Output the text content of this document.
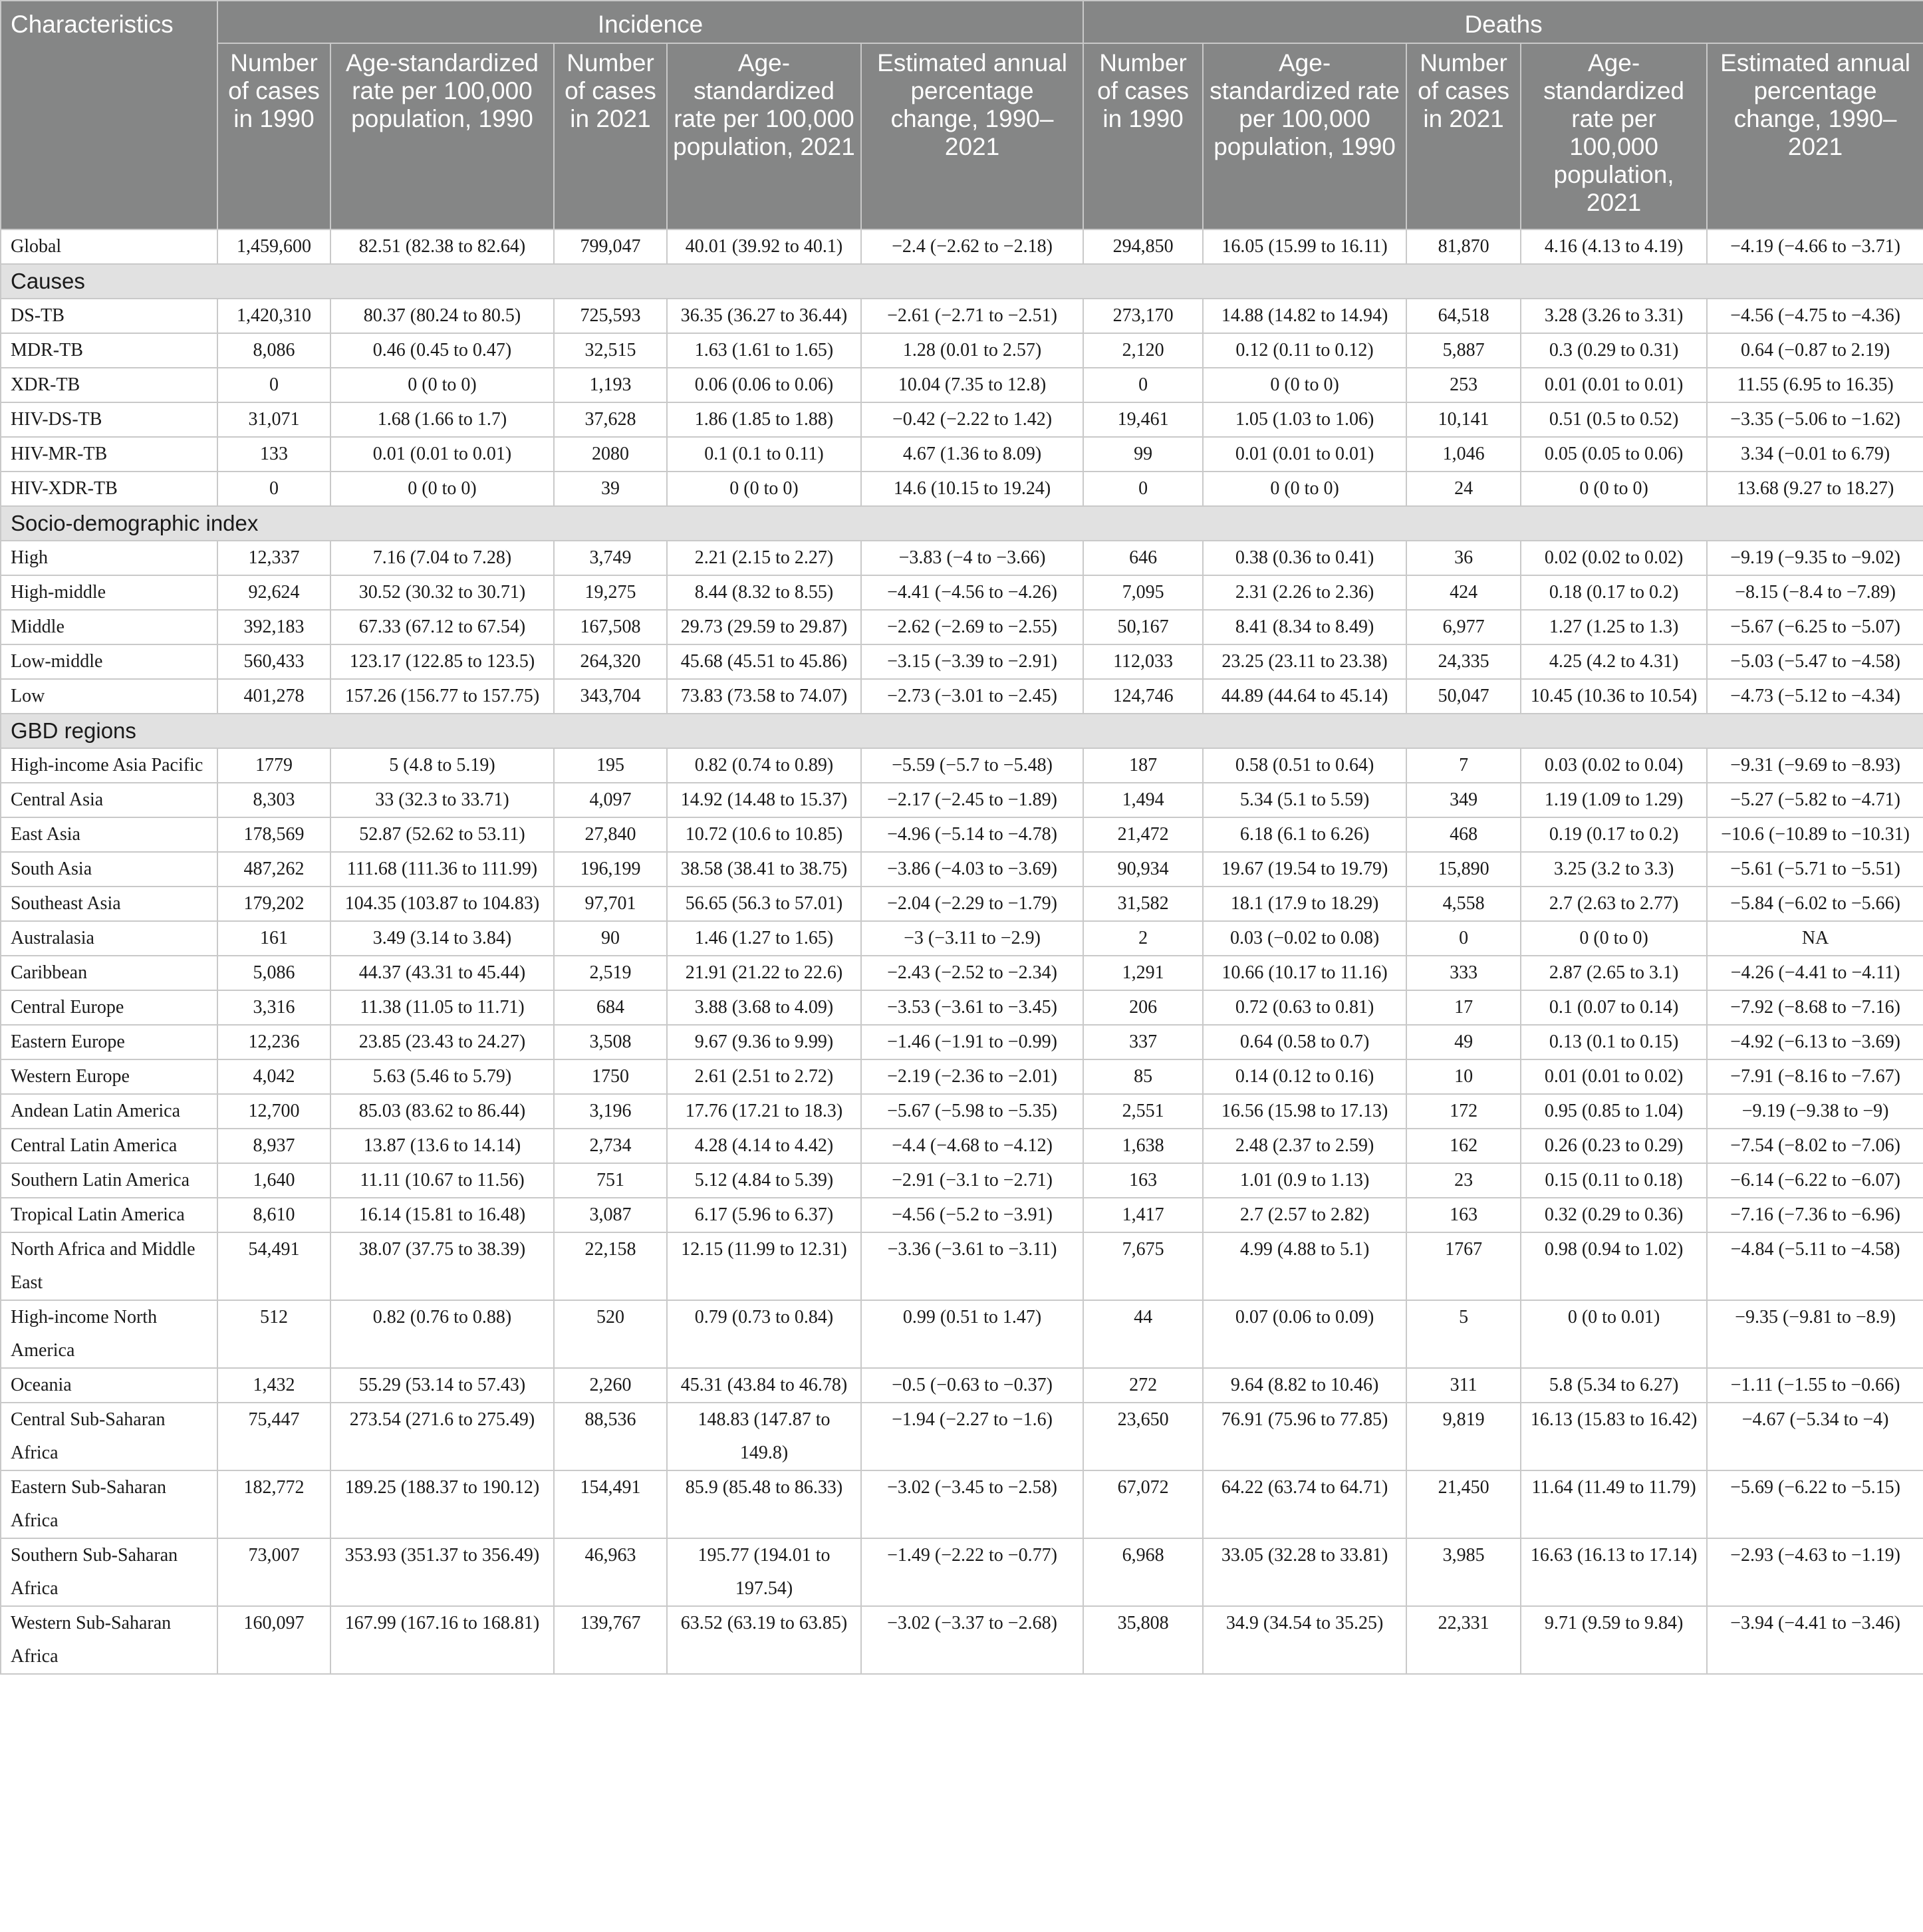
Characteristics	Incidence					Deaths				
	Number of cases in 1990	Age-standardized rate per 100,000 population, 1990	Number of cases in 2021	Age-standardized rate per 100,000 population, 2021	Estimated annual percentage change, 1990–2021	Number of cases in 1990	Age-standardized rate per 100,000 population, 1990	Number of cases in 2021	Age-standardized rate per 100,000 population, 2021	Estimated annual percentage change, 1990–2021
Global	1,459,600	82.51 (82.38 to 82.64)	799,047	40.01 (39.92 to 40.1)	−2.4 (−2.62 to −2.18)	294,850	16.05 (15.99 to 16.11)	81,870	4.16 (4.13 to 4.19)	−4.19 (−4.66 to −3.71)
Causes										
DS-TB	1,420,310	80.37 (80.24 to 80.5)	725,593	36.35 (36.27 to 36.44)	−2.61 (−2.71 to −2.51)	273,170	14.88 (14.82 to 14.94)	64,518	3.28 (3.26 to 3.31)	−4.56 (−4.75 to −4.36)
MDR-TB	8,086	0.46 (0.45 to 0.47)	32,515	1.63 (1.61 to 1.65)	1.28 (0.01 to 2.57)	2,120	0.12 (0.11 to 0.12)	5,887	0.3 (0.29 to 0.31)	0.64 (−0.87 to 2.19)
XDR-TB	0	0 (0 to 0)	1,193	0.06 (0.06 to 0.06)	10.04 (7.35 to 12.8)	0	0 (0 to 0)	253	0.01 (0.01 to 0.01)	11.55 (6.95 to 16.35)
HIV-DS-TB	31,071	1.68 (1.66 to 1.7)	37,628	1.86 (1.85 to 1.88)	−0.42 (−2.22 to 1.42)	19,461	1.05 (1.03 to 1.06)	10,141	0.51 (0.5 to 0.52)	−3.35 (−5.06 to −1.62)
HIV-MR-TB	133	0.01 (0.01 to 0.01)	2080	0.1 (0.1 to 0.11)	4.67 (1.36 to 8.09)	99	0.01 (0.01 to 0.01)	1,046	0.05 (0.05 to 0.06)	3.34 (−0.01 to 6.79)
HIV-XDR-TB	0	0 (0 to 0)	39	0 (0 to 0)	14.6 (10.15 to 19.24)	0	0 (0 to 0)	24	0 (0 to 0)	13.68 (9.27 to 18.27)
Socio-demographic index										
High	12,337	7.16 (7.04 to 7.28)	3,749	2.21 (2.15 to 2.27)	−3.83 (−4 to −3.66)	646	0.38 (0.36 to 0.41)	36	0.02 (0.02 to 0.02)	−9.19 (−9.35 to −9.02)
High-middle	92,624	30.52 (30.32 to 30.71)	19,275	8.44 (8.32 to 8.55)	−4.41 (−4.56 to −4.26)	7,095	2.31 (2.26 to 2.36)	424	0.18 (0.17 to 0.2)	−8.15 (−8.4 to −7.89)
Middle	392,183	67.33 (67.12 to 67.54)	167,508	29.73 (29.59 to 29.87)	−2.62 (−2.69 to −2.55)	50,167	8.41 (8.34 to 8.49)	6,977	1.27 (1.25 to 1.3)	−5.67 (−6.25 to −5.07)
Low-middle	560,433	123.17 (122.85 to 123.5)	264,320	45.68 (45.51 to 45.86)	−3.15 (−3.39 to −2.91)	112,033	23.25 (23.11 to 23.38)	24,335	4.25 (4.2 to 4.31)	−5.03 (−5.47 to −4.58)
Low	401,278	157.26 (156.77 to 157.75)	343,704	73.83 (73.58 to 74.07)	−2.73 (−3.01 to −2.45)	124,746	44.89 (44.64 to 45.14)	50,047	10.45 (10.36 to 10.54)	−4.73 (−5.12 to −4.34)
GBD regions										
High-income Asia Pacific	1779	5 (4.8 to 5.19)	195	0.82 (0.74 to 0.89)	−5.59 (−5.7 to −5.48)	187	0.58 (0.51 to 0.64)	7	0.03 (0.02 to 0.04)	−9.31 (−9.69 to −8.93)
Central Asia	8,303	33 (32.3 to 33.71)	4,097	14.92 (14.48 to 15.37)	−2.17 (−2.45 to −1.89)	1,494	5.34 (5.1 to 5.59)	349	1.19 (1.09 to 1.29)	−5.27 (−5.82 to −4.71)
East Asia	178,569	52.87 (52.62 to 53.11)	27,840	10.72 (10.6 to 10.85)	−4.96 (−5.14 to −4.78)	21,472	6.18 (6.1 to 6.26)	468	0.19 (0.17 to 0.2)	−10.6 (−10.89 to −10.31)
South Asia	487,262	111.68 (111.36 to 111.99)	196,199	38.58 (38.41 to 38.75)	−3.86 (−4.03 to −3.69)	90,934	19.67 (19.54 to 19.79)	15,890	3.25 (3.2 to 3.3)	−5.61 (−5.71 to −5.51)
Southeast Asia	179,202	104.35 (103.87 to 104.83)	97,701	56.65 (56.3 to 57.01)	−2.04 (−2.29 to −1.79)	31,582	18.1 (17.9 to 18.29)	4,558	2.7 (2.63 to 2.77)	−5.84 (−6.02 to −5.66)
Australasia	161	3.49 (3.14 to 3.84)	90	1.46 (1.27 to 1.65)	−3 (−3.11 to −2.9)	2	0.03 (−0.02 to 0.08)	0	0 (0 to 0)	NA
Caribbean	5,086	44.37 (43.31 to 45.44)	2,519	21.91 (21.22 to 22.6)	−2.43 (−2.52 to −2.34)	1,291	10.66 (10.17 to 11.16)	333	2.87 (2.65 to 3.1)	−4.26 (−4.41 to −4.11)
Central Europe	3,316	11.38 (11.05 to 11.71)	684	3.88 (3.68 to 4.09)	−3.53 (−3.61 to −3.45)	206	0.72 (0.63 to 0.81)	17	0.1 (0.07 to 0.14)	−7.92 (−8.68 to −7.16)
Eastern Europe	12,236	23.85 (23.43 to 24.27)	3,508	9.67 (9.36 to 9.99)	−1.46 (−1.91 to −0.99)	337	0.64 (0.58 to 0.7)	49	0.13 (0.1 to 0.15)	−4.92 (−6.13 to −3.69)
Western Europe	4,042	5.63 (5.46 to 5.79)	1750	2.61 (2.51 to 2.72)	−2.19 (−2.36 to −2.01)	85	0.14 (0.12 to 0.16)	10	0.01 (0.01 to 0.02)	−7.91 (−8.16 to −7.67)
Andean Latin America	12,700	85.03 (83.62 to 86.44)	3,196	17.76 (17.21 to 18.3)	−5.67 (−5.98 to −5.35)	2,551	16.56 (15.98 to 17.13)	172	0.95 (0.85 to 1.04)	−9.19 (−9.38 to −9)
Central Latin America	8,937	13.87 (13.6 to 14.14)	2,734	4.28 (4.14 to 4.42)	−4.4 (−4.68 to −4.12)	1,638	2.48 (2.37 to 2.59)	162	0.26 (0.23 to 0.29)	−7.54 (−8.02 to −7.06)
Southern Latin America	1,640	11.11 (10.67 to 11.56)	751	5.12 (4.84 to 5.39)	−2.91 (−3.1 to −2.71)	163	1.01 (0.9 to 1.13)	23	0.15 (0.11 to 0.18)	−6.14 (−6.22 to −6.07)
Tropical Latin America	8,610	16.14 (15.81 to 16.48)	3,087	6.17 (5.96 to 6.37)	−4.56 (−5.2 to −3.91)	1,417	2.7 (2.57 to 2.82)	163	0.32 (0.29 to 0.36)	−7.16 (−7.36 to −6.96)
North Africa and Middle East	54,491	38.07 (37.75 to 38.39)	22,158	12.15 (11.99 to 12.31)	−3.36 (−3.61 to −3.11)	7,675	4.99 (4.88 to 5.1)	1767	0.98 (0.94 to 1.02)	−4.84 (−5.11 to −4.58)
High-income North America	512	0.82 (0.76 to 0.88)	520	0.79 (0.73 to 0.84)	0.99 (0.51 to 1.47)	44	0.07 (0.06 to 0.09)	5	0 (0 to 0.01)	−9.35 (−9.81 to −8.9)
Oceania	1,432	55.29 (53.14 to 57.43)	2,260	45.31 (43.84 to 46.78)	−0.5 (−0.63 to −0.37)	272	9.64 (8.82 to 10.46)	311	5.8 (5.34 to 6.27)	−1.11 (−1.55 to −0.66)
Central Sub-Saharan Africa	75,447	273.54 (271.6 to 275.49)	88,536	148.83 (147.87 to 149.8)	−1.94 (−2.27 to −1.6)	23,650	76.91 (75.96 to 77.85)	9,819	16.13 (15.83 to 16.42)	−4.67 (−5.34 to −4)
Eastern Sub-Saharan Africa	182,772	189.25 (188.37 to 190.12)	154,491	85.9 (85.48 to 86.33)	−3.02 (−3.45 to −2.58)	67,072	64.22 (63.74 to 64.71)	21,450	11.64 (11.49 to 11.79)	−5.69 (−6.22 to −5.15)
Southern Sub-Saharan Africa	73,007	353.93 (351.37 to 356.49)	46,963	195.77 (194.01 to 197.54)	−1.49 (−2.22 to −0.77)	6,968	33.05 (32.28 to 33.81)	3,985	16.63 (16.13 to 17.14)	−2.93 (−4.63 to −1.19)
Western Sub-Saharan Africa	160,097	167.99 (167.16 to 168.81)	139,767	63.52 (63.19 to 63.85)	−3.02 (−3.37 to −2.68)	35,808	34.9 (34.54 to 35.25)	22,331	9.71 (9.59 to 9.84)	−3.94 (−4.41 to −3.46)
